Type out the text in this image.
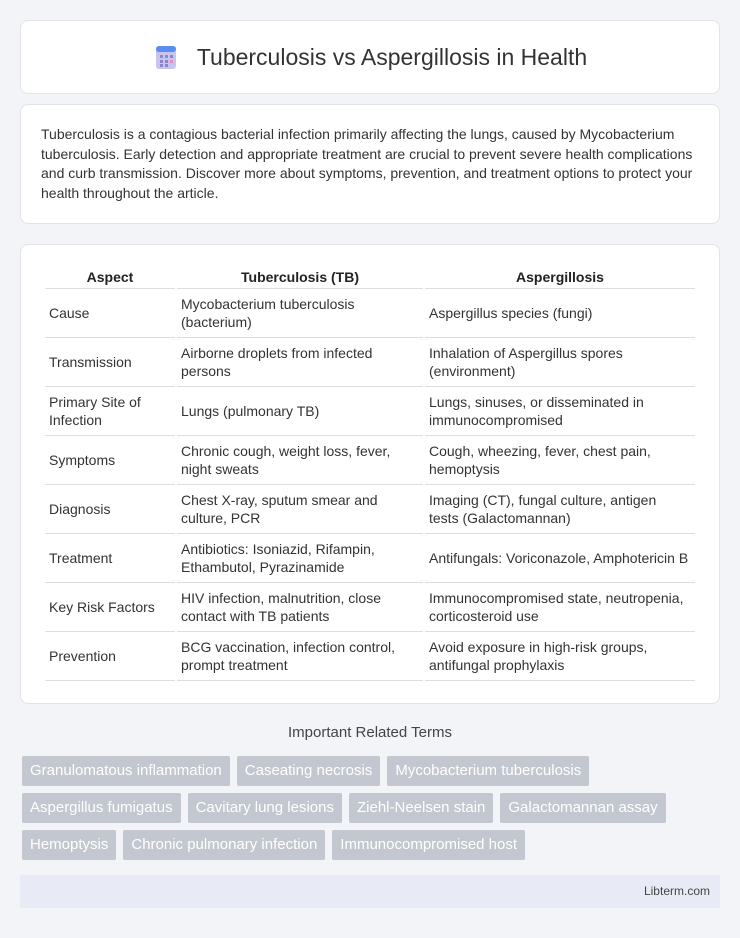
Tuberculosis vs Aspergillosis in Health

Tuberculosis is a contagious bacterial infection primarily affecting the lungs, caused by Mycobacterium tuberculosis. Early detection and appropriate treatment are crucial to prevent severe health complications and curb transmission. Discover more about symptoms, prevention, and treatment options to protect your health throughout the article.

Aspect	Tuberculosis (TB)	Aspergillosis
Cause	Mycobacterium tuberculosis (bacterium)	Aspergillus species (fungi)
Transmission	Airborne droplets from infected persons	Inhalation of Aspergillus spores (environment)
Primary Site of Infection	Lungs (pulmonary TB)	Lungs, sinuses, or disseminated in immunocompromised
Symptoms	Chronic cough, weight loss, fever, night sweats	Cough, wheezing, fever, chest pain, hemoptysis
Diagnosis	Chest X-ray, sputum smear and culture, PCR	Imaging (CT), fungal culture, antigen tests (Galactomannan)
Treatment	Antibiotics: Isoniazid, Rifampin, Ethambutol, Pyrazinamide	Antifungals: Voriconazole, Amphotericin B
Key Risk Factors	HIV infection, malnutrition, close contact with TB patients	Immunocompromised state, neutropenia, corticosteroid use
Prevention	BCG vaccination, infection control, prompt treatment	Avoid exposure in high-risk groups, antifungal prophylaxis
Important Related Terms
Granulomatous inflammation	Caseating necrosis	Mycobacterium tuberculosis
Aspergillus fumigatus	Cavitary lung lesions	Ziehl-Neelsen stain	Galactomannan assay
Hemoptysis	Chronic pulmonary infection	Immunocompromised host
Libterm.com
